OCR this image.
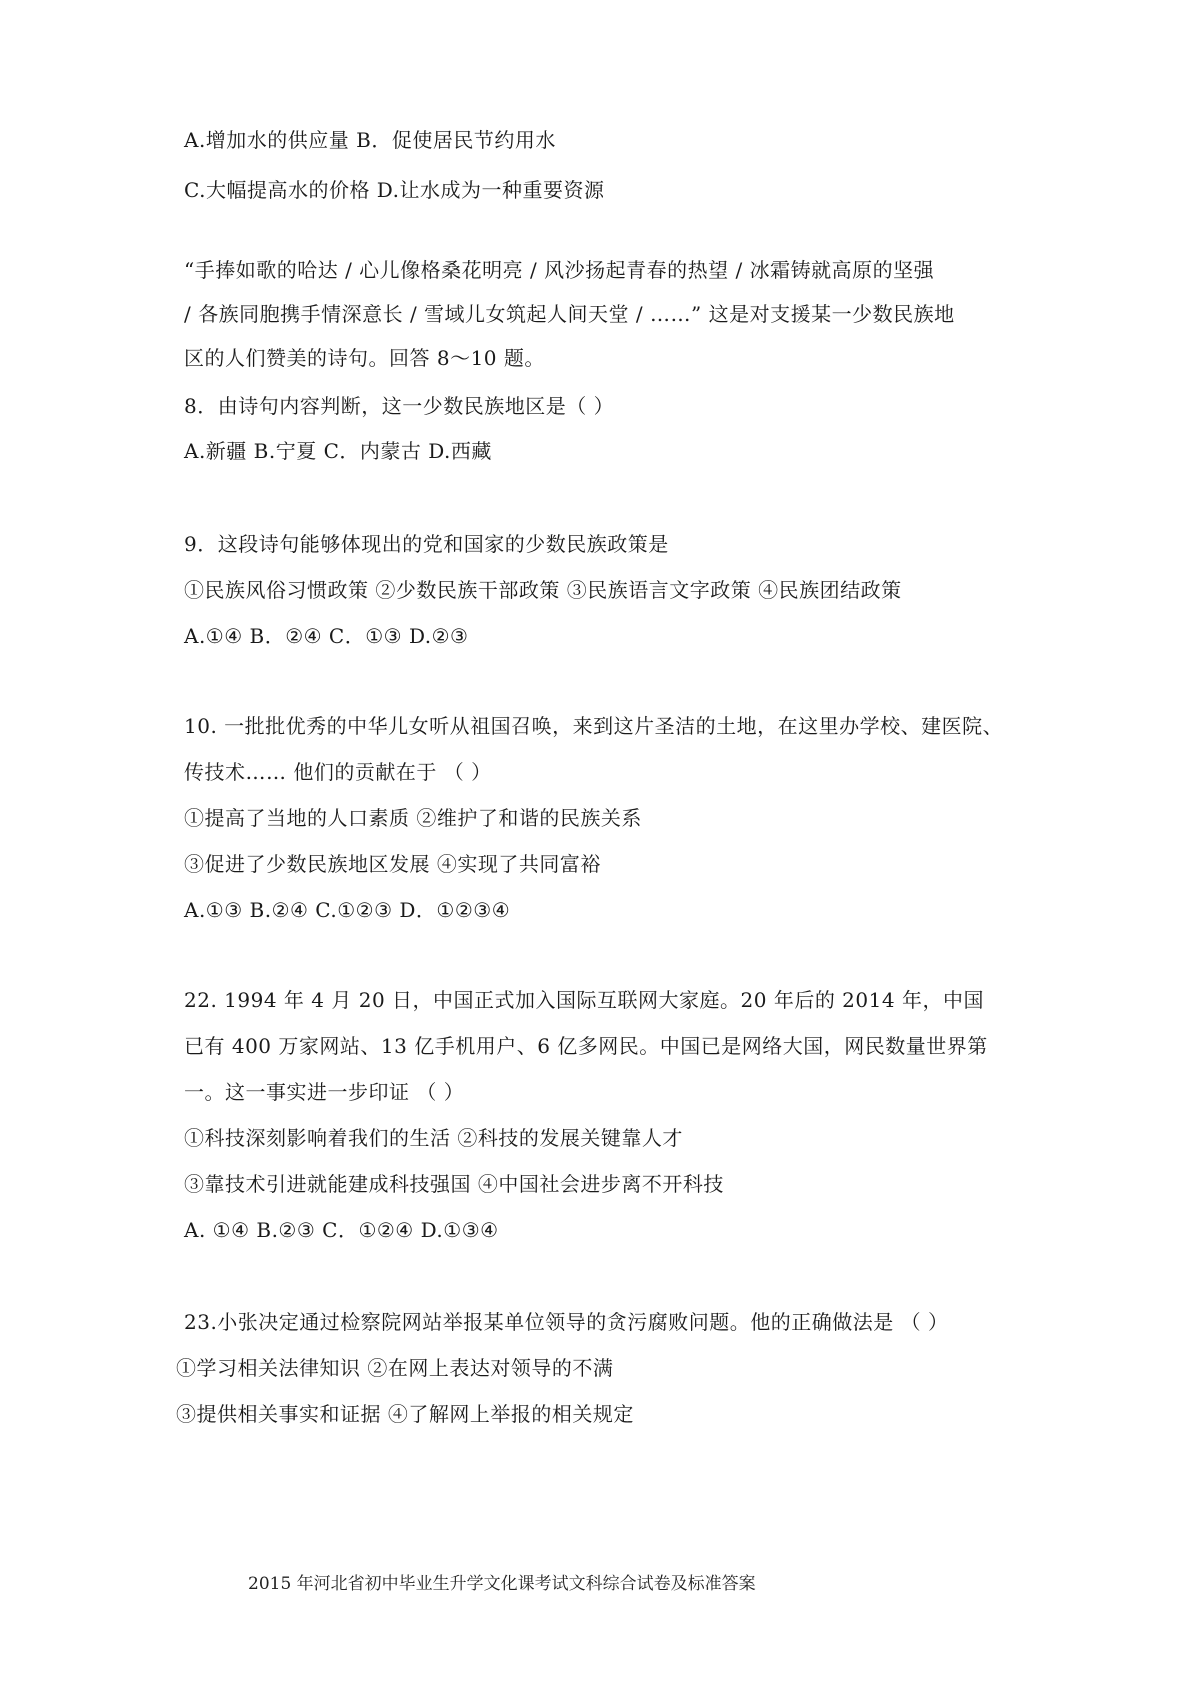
A.增加水的供应量 B．促使居民节约用水
C.大幅提高水的价格 D.让水成为一种重要资源
“手捧如歌的哈达 / 心儿像格桑花明亮 / 风沙扬起青春的热望 / 冰霜铸就高原的坚强
/ 各族同胞携手情深意长 / 雪域儿女筑起人间天堂 / ……” 这是对支援某一少数民族地
区的人们赞美的诗句。回答 8～10 题。
8．由诗句内容判断，这一少数民族地区是（ ）
A.新疆 B.宁夏 C．内蒙古 D.西藏
9．这段诗句能够体现出的党和国家的少数民族政策是
①民族风俗习惯政策 ②少数民族干部政策 ③民族语言文字政策 ④民族团结政策
A.①④ B．②④ C．①③ D.②③
10. 一批批优秀的中华儿女听从祖国召唤，来到这片圣洁的土地，在这里办学校、建医院、
传技术…… 他们的贡献在于 （ ）
①提高了当地的人口素质 ②维护了和谐的民族关系
③促进了少数民族地区发展 ④实现了共同富裕
A.①③ B.②④ C.①②③ D．①②③④
22. 1994 年 4 月 20 日，中国正式加入国际互联网大家庭。20 年后的 2014 年，中国
已有 400 万家网站、13 亿手机用户、6 亿多网民。中国已是网络大国，网民数量世界第
一。这一事实进一步印证 （ ）
①科技深刻影响着我们的生活 ②科技的发展关键靠人才
③靠技术引进就能建成科技强国 ④中国社会进步离不开科技
A. ①④ B.②③ C．①②④ D.①③④
23.小张决定通过检察院网站举报某单位领导的贪污腐败问题。他的正确做法是 （ ）
①学习相关法律知识 ②在网上表达对领导的不满
③提供相关事实和证据 ④了解网上举报的相关规定
2015 年河北省初中毕业生升学文化课考试文科综合试卷及标准答案
